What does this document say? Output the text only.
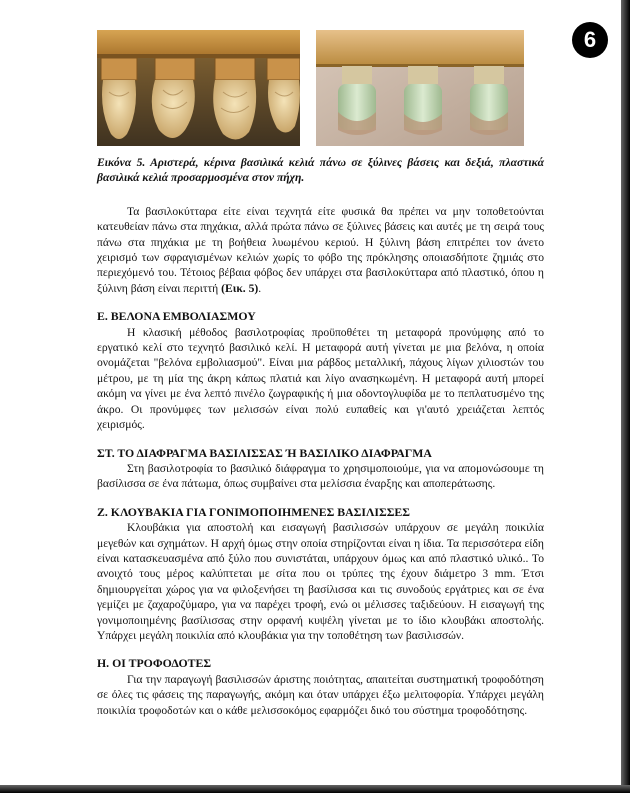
6

Εικόνα 5. Αριστερά, κέρινα βασιλικά κελιά πάνω σε ξύλινες βάσεις και δεξιά, πλαστικά βασιλικά κελιά προσαρμοσμένα στον πήχη.

Τα βασιλοκύτταρα είτε είναι τεχνητά είτε φυσικά θα πρέπει να μην τοποθετούνται κατευθείαν πάνω στα πηχάκια, αλλά πρώτα πάνω σε ξύλινες βάσεις και αυτές με τη σειρά τους πάνω στα πηχάκια με τη βοήθεια λυωμένου κεριού. Η ξύλινη βάση επιτρέπει τον άνετο χειρισμό των σφραγισμένων κελιών χωρίς το φόβο της πρόκλησης οποιασδήποτε ζημιάς στο περιεχόμενό του. Τέτοιος βέβαια φόβος δεν υπάρχει στα βασιλοκύτταρα από πλαστικό, όπου η ξύλινη βάση είναι περιττή (Εικ. 5).

Ε. ΒΕΛΟΝΑ ΕΜΒΟΛΙΑΣΜΟΥ

Η κλασική μέθοδος βασιλοτροφίας προϋποθέτει τη μεταφορά προνύμφης από το εργατικό κελί στο τεχνητό βασιλικό κελί. Η μεταφορά αυτή γίνεται με μια βελόνα, η οποία ονομάζεται "βελόνα εμβολιασμού". Είναι μια ράβδος μεταλλική, πάχους λίγων χιλιοστών του μέτρου, με τη μία της άκρη κάπως πλατιά και λίγο ανασηκωμένη. Η μεταφορά αυτή μπορεί ακόμη να γίνει με ένα λεπτό πινέλο ζωγραφικής ή μια οδοντογλυφίδα με το πεπλατυσμένο της άκρο. Οι προνύμφες των μελισσών είναι πολύ ευπαθείς και γι'αυτό χρειάζεται λεπτός χειρισμός.

ΣΤ. ΤΟ ΔΙΑΦΡΑΓΜΑ ΒΑΣΙΛΙΣΣΑΣ Ή ΒΑΣΙΛΙΚΟ ΔΙΑΦΡΑΓΜΑ

Στη βασιλοτροφία το βασιλικό διάφραγμα το χρησιμοποιούμε, για να απομονώσουμε τη βασίλισσα σε ένα πάτωμα, όπως συμβαίνει στα μελίσσια έναρξης και αποπεράτωσης.

Ζ. ΚΛΟΥΒΑΚΙΑ ΓΙΑ ΓΟΝΙΜΟΠΟΙΗΜΕΝΕΣ ΒΑΣΙΛΙΣΣΕΣ

Κλουβάκια για αποστολή και εισαγωγή βασιλισσών υπάρχουν σε μεγάλη ποικιλία μεγεθών και σχημάτων. Η αρχή όμως στην οποία στηρίζονται είναι η ίδια. Τα περισσότερα είδη είναι κατασκευασμένα από ξύλο που συνιστάται, υπάρχουν όμως και από πλαστικό υλικό.. Το ανοιχτό τους μέρος καλύπτεται με σίτα που οι τρύπες της έχουν διάμετρο 3 mm. Έτσι δημιουργείται χώρος για να φιλοξενήσει τη βασίλισσα και τις συνοδούς εργάτριες και σε ένα γεμίζει με ζαχαροζύμαρο, για να παρέχει τροφή, ενώ οι μέλισσες ταξιδεύουν. Η εισαγωγή της γονιμοποιημένης βασίλισσας στην ορφανή κυψέλη γίνεται με το ίδιο κλουβάκι αποστολής. Υπάρχει μεγάλη ποικιλία από κλουβάκια για την τοποθέτηση των βασιλισσών.

Η. ΟΙ ΤΡΟΦΟΔΟΤΕΣ

Για την παραγωγή βασιλισσών άριστης ποιότητας, απαιτείται συστηματική τροφοδότηση σε όλες τις φάσεις της παραγωγής, ακόμη και όταν υπάρχει έξω μελιτοφορία. Υπάρχει μεγάλη ποικιλία τροφοδοτών και ο κάθε μελισσοκόμος εφαρμόζει δικό του σύστημα τροφοδότησης.
